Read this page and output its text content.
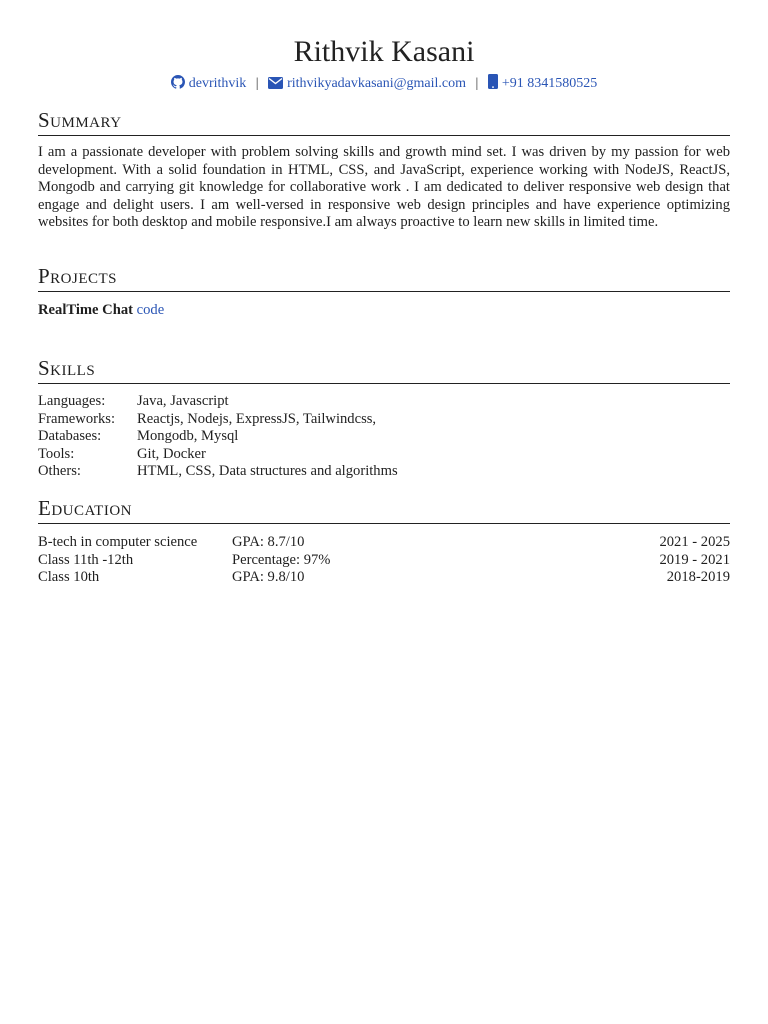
Rithvik Kasani
devrithvik | rithvikyadavkasani@gmail.com | +91 8341580525
Summary
I am a passionate developer with problem solving skills and growth mind set. I was driven by my passion for web development. With a solid foundation in HTML, CSS, and JavaScript, experience working with NodeJS, ReactJS, Mongodb and carrying git knowledge for collaborative work . I am dedicated to deliver responsive web design that engage and delight users. I am well-versed in responsive web design principles and have experience optimizing websites for both desktop and mobile responsive.I am always proactive to learn new skills in limited time.
Projects
RealTime Chat code
Skills
Languages:	Java, Javascript
Frameworks:	Reactjs, Nodejs, ExpressJS, Tailwindcss,
Databases:	Mongodb, Mysql
Tools:	Git, Docker
Others:	HTML, CSS, Data structures and algorithms
Education
B-tech in computer science	GPA: 8.7/10	2021 - 2025
Class 11th -12th	Percentage: 97%	2019 - 2021
Class 10th	GPA: 9.8/10	2018-2019
